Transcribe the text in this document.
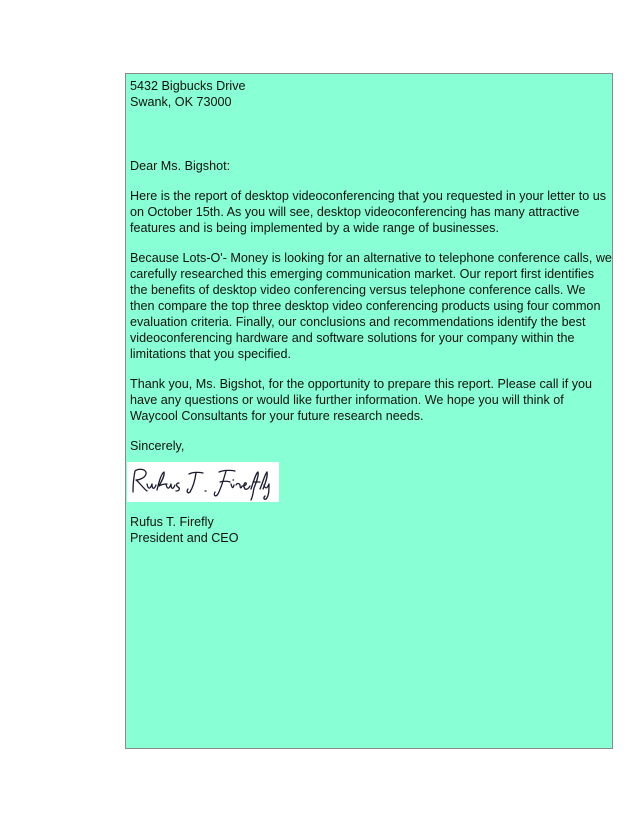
5432 Bigbucks Drive
Swank, OK 73000
Dear Ms. Bigshot:
Here is the report of desktop videoconferencing that you requested in your letter to us
on October 15th. As you will see, desktop videoconferencing has many attractive
features and is being implemented by a wide range of businesses.
Because Lots-O'- Money is looking for an alternative to telephone conference calls, we
carefully researched this emerging communication market. Our report first identifies
the benefits of desktop video conferencing versus telephone conference calls. We
then compare the top three desktop video conferencing products using four common
evaluation criteria. Finally, our conclusions and recommendations identify the best
videoconferencing hardware and software solutions for your company within the
limitations that you specified.
Thank you, Ms. Bigshot, for the opportunity to prepare this report. Please call if you
have any questions or would like further information. We hope you will think of
Waycool Consultants for your future research needs.
Sincerely,
Rufus T. Firefly
President and CEO
